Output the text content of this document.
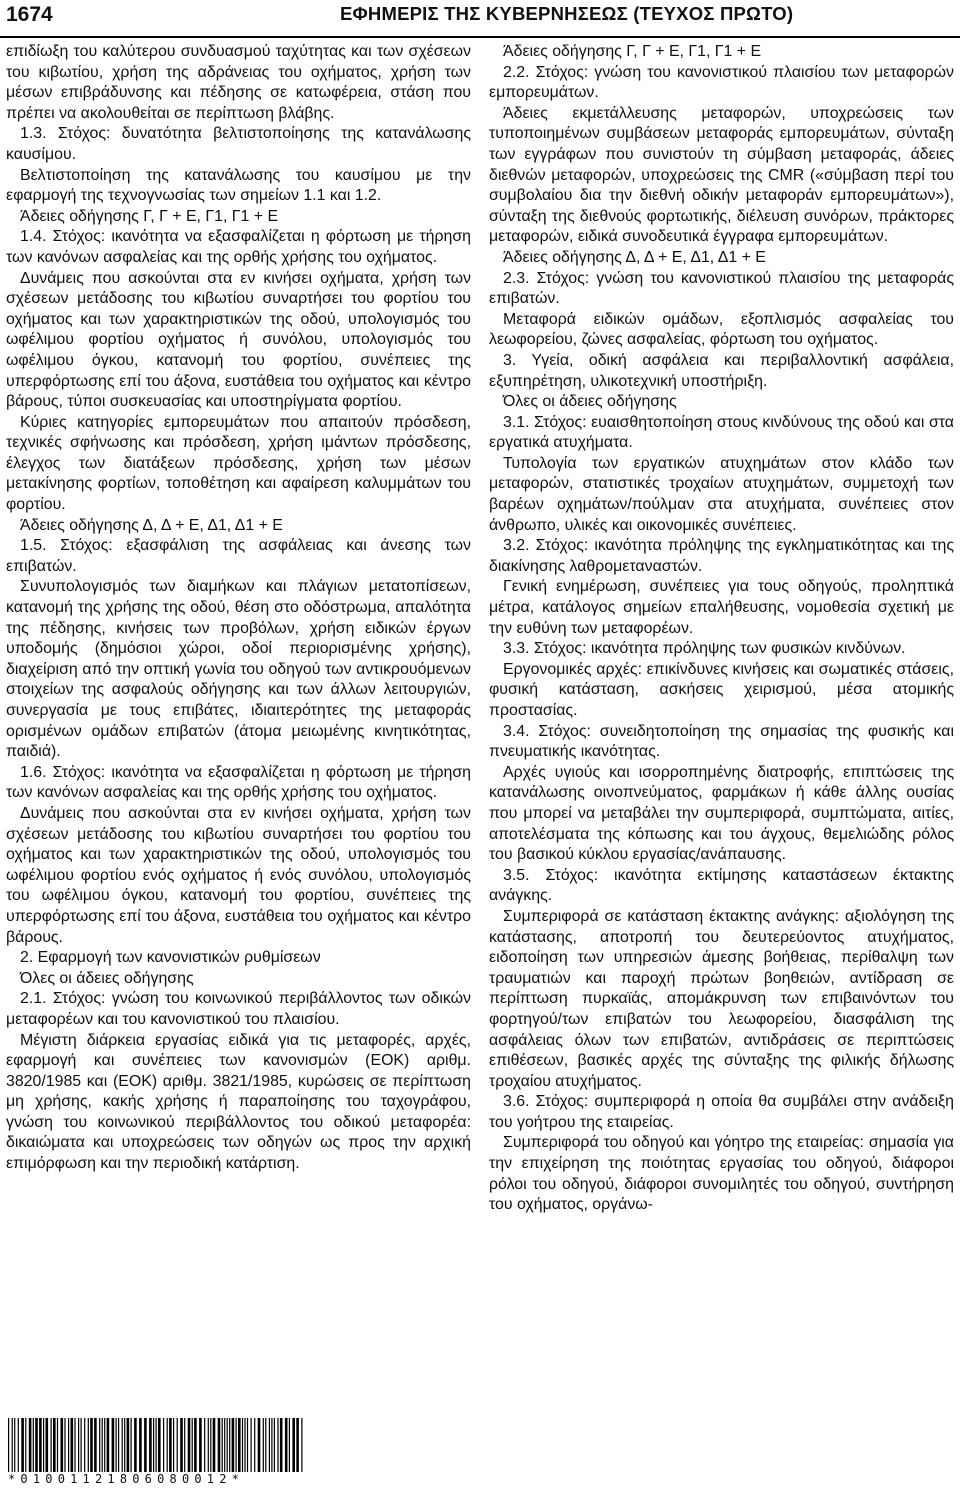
1674	ΕΦΗΜΕΡΙΣ ΤΗΣ ΚΥΒΕΡΝΗΣΕΩΣ (ΤΕΥΧΟΣ ΠΡΩΤΟ)

επιδίωξη του καλύτερου συνδυασμού ταχύτητας και των σχέσεων του κιβωτίου, χρήση της αδράνειας του οχήματος, χρήση των μέσων επιβράδυνσης και πέδησης σε κατωφέρεια, στάση που πρέπει να ακολουθείται σε περίπτωση βλάβης.

1.3. Στόχος: δυνατότητα βελτιστοποίησης της κατανάλωσης καυσίμου.

Βελτιστοποίηση της κατανάλωσης του καυσίμου με την εφαρμογή της τεχνογνωσίας των σημείων 1.1 και 1.2.

Άδειες οδήγησης Γ, Γ + Ε, Γ1, Γ1 + Ε

1.4. Στόχος: ικανότητα να εξασφαλίζεται η φόρτωση με τήρηση των κανόνων ασφαλείας και της ορθής χρήσης του οχήματος.

Δυνάμεις που ασκούνται στα εν κινήσει οχήματα, χρήση των σχέσεων μετάδοσης του κιβωτίου συναρτήσει του φορτίου του οχήματος και των χαρακτηριστικών της οδού, υπολογισμός του ωφέλιμου φορτίου οχήματος ή συνόλου, υπολογισμός του ωφέλιμου όγκου, κατανομή του φορτίου, συνέπειες της υπερφόρτωσης επί του άξονα, ευστάθεια του οχήματος και κέντρο βάρους, τύποι συσκευασίας και υποστηρίγματα φορτίου.

Κύριες κατηγορίες εμπορευμάτων που απαιτούν πρόσδεση, τεχνικές σφήνωσης και πρόσδεση, χρήση ιμάντων πρόσδεσης, έλεγχος των διατάξεων πρόσδεσης, χρήση των μέσων μετακίνησης φορτίων, τοποθέτηση και αφαίρεση καλυμμάτων του φορτίου.

Άδειες οδήγησης Δ, Δ + Ε, Δ1, Δ1 + Ε

1.5. Στόχος: εξασφάλιση της ασφάλειας και άνεσης των επιβατών.

Συνυπολογισμός των διαμήκων και πλάγιων μετατοπίσεων, κατανομή της χρήσης της οδού, θέση στο οδόστρωμα, απαλότητα της πέδησης, κινήσεις των προβόλων, χρήση ειδικών έργων υποδομής (δημόσιοι χώροι, οδοί περιορισμένης χρήσης), διαχείριση από την οπτική γωνία του οδηγού των αντικρουόμενων στοιχείων της ασφαλούς οδήγησης και των άλλων λειτουργιών, συνεργασία με τους επιβάτες, ιδιαιτερότητες της μεταφοράς ορισμένων ομάδων επιβατών (άτομα μειωμένης κινητικότητας, παιδιά).

1.6. Στόχος: ικανότητα να εξασφαλίζεται η φόρτωση με τήρηση των κανόνων ασφαλείας και της ορθής χρήσης του οχήματος.

Δυνάμεις που ασκούνται στα εν κινήσει οχήματα, χρήση των σχέσεων μετάδοσης του κιβωτίου συναρτήσει του φορτίου του οχήματος και των χαρακτηριστικών της οδού, υπολογισμός του ωφέλιμου φορτίου ενός οχήματος ή ενός συνόλου, υπολογισμός του ωφέλιμου όγκου, κατανομή του φορτίου, συνέπειες της υπερφόρτωσης επί του άξονα, ευστάθεια του οχήματος και κέντρο βάρους.

2. Εφαρμογή των κανονιστικών ρυθμίσεων

Όλες οι άδειες οδήγησης

2.1. Στόχος: γνώση του κοινωνικού περιβάλλοντος των οδικών μεταφορέων και του κανονιστικού του πλαισίου.

Μέγιστη διάρκεια εργασίας ειδικά για τις μεταφορές, αρχές, εφαρμογή και συνέπειες των κανονισμών (ΕΟΚ) αριθμ. 3820/1985 και (ΕΟΚ) αριθμ. 3821/1985, κυρώσεις σε περίπτωση μη χρήσης, κακής χρήσης ή παραποίησης του ταχογράφου, γνώση του κοινωνικού περιβάλλοντος του οδικού μεταφορέα: δικαιώματα και υποχρεώσεις των οδηγών ως προς την αρχική επιμόρφωση και την περιοδική κατάρτιση.

Άδειες οδήγησης Γ, Γ + Ε, Γ1, Γ1 + Ε

2.2. Στόχος: γνώση του κανονιστικού πλαισίου των μεταφορών εμπορευμάτων.

Άδειες εκμετάλλευσης μεταφορών, υποχρεώσεις των τυποποιημένων συμβάσεων μεταφοράς εμπορευμάτων, σύνταξη των εγγράφων που συνιστούν τη σύμβαση μεταφοράς, άδειες διεθνών μεταφορών, υποχρεώσεις της CMR («σύμβαση περί του συμβολαίου δια την διεθνή οδικήν μεταφοράν εμπορευμάτων»), σύνταξη της διεθνούς φορτωτικής, διέλευση συνόρων, πράκτορες μεταφορών, ειδικά συνοδευτικά έγγραφα εμπορευμάτων.

Άδειες οδήγησης Δ, Δ + Ε, Δ1, Δ1 + Ε

2.3. Στόχος: γνώση του κανονιστικού πλαισίου της μεταφοράς επιβατών.

Μεταφορά ειδικών ομάδων, εξοπλισμός ασφαλείας του λεωφορείου, ζώνες ασφαλείας, φόρτωση του οχήματος.

3. Υγεία, οδική ασφάλεια και περιβαλλοντική ασφάλεια, εξυπηρέτηση, υλικοτεχνική υποστήριξη.

Όλες οι άδειες οδήγησης

3.1. Στόχος: ευαισθητοποίηση στους κινδύνους της οδού και στα εργατικά ατυχήματα.

Τυπολογία των εργατικών ατυχημάτων στον κλάδο των μεταφορών, στατιστικές τροχαίων ατυχημάτων, συμμετοχή των βαρέων οχημάτων/πούλμαν στα ατυχήματα, συνέπειες στον άνθρωπο, υλικές και οικονομικές συνέπειες.

3.2. Στόχος: ικανότητα πρόληψης της εγκληματικότητας και της διακίνησης λαθρομεταναστών.

Γενική ενημέρωση, συνέπειες για τους οδηγούς, προληπτικά μέτρα, κατάλογος σημείων επαλήθευσης, νομοθεσία σχετική με την ευθύνη των μεταφορέων.

3.3. Στόχος: ικανότητα πρόληψης των φυσικών κινδύνων.

Εργονομικές αρχές: επικίνδυνες κινήσεις και σωματικές στάσεις, φυσική κατάσταση, ασκήσεις χειρισμού, μέσα ατομικής προστασίας.

3.4. Στόχος: συνειδητοποίηση της σημασίας της φυσικής και πνευματικής ικανότητας.

Αρχές υγιούς και ισορροπημένης διατροφής, επιπτώσεις της κατανάλωσης οινοπνεύματος, φαρμάκων ή κάθε άλλης ουσίας που μπορεί να μεταβάλει την συμπεριφορά, συμπτώματα, αιτίες, αποτελέσματα της κόπωσης και του άγχους, θεμελιώδης ρόλος του βασικού κύκλου εργασίας/ανάπαυσης.

3.5. Στόχος: ικανότητα εκτίμησης καταστάσεων έκτακτης ανάγκης.

Συμπεριφορά σε κατάσταση έκτακτης ανάγκης: αξιολόγηση της κατάστασης, αποτροπή του δευτερεύοντος ατυχήματος, ειδοποίηση των υπηρεσιών άμεσης βοήθειας, περίθαλψη των τραυματιών και παροχή πρώτων βοηθειών, αντίδραση σε περίπτωση πυρκαϊάς, απομάκρυνση των επιβαινόντων του φορτηγού/των επιβατών του λεωφορείου, διασφάλιση της ασφάλειας όλων των επιβατών, αντιδράσεις σε περιπτώσεις επιθέσεων, βασικές αρχές της σύνταξης της φιλικής δήλωσης τροχαίου ατυχήματος.

3.6. Στόχος: συμπεριφορά η οποία θα συμβάλει στην ανάδειξη του γοήτρου της εταιρείας.

Συμπεριφορά του οδηγού και γόητρο της εταιρείας: σημασία για την επιχείρηση της ποιότητας εργασίας του οδηγού, διάφοροι ρόλοι του οδηγού, διάφοροι συνομιλητές του οδηγού, συντήρηση του οχήματος, οργάνω-

*01001121806080012*
